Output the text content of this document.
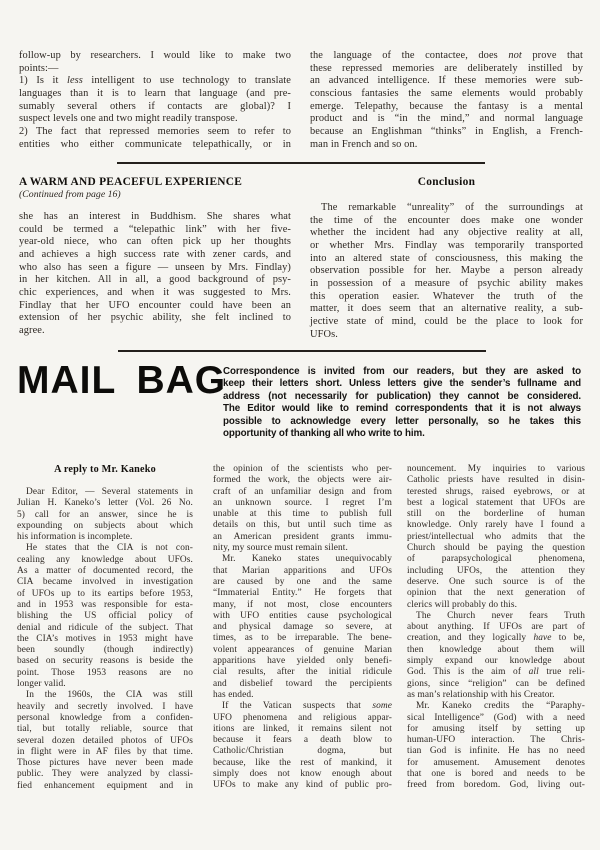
follow-up by researchers. I would like to make two
points:—
1) Is it less intelligent to use technology to translate
languages than it is to learn that language (and pre-
sumably several others if contacts are global)? I
suspect levels one and two might readily transpose.
2) The fact that repressed memories seem to refer to
entities who either communicate telepathically, or in
the language of the contactee, does not prove that
these repressed memories are deliberately instilled by
an advanced intelligence. If these memories were sub-
conscious fantasies the same elements would probably
emerge. Telepathy, because the fantasy is a mental
product and is “in the mind,” and normal language
because an Englishman “thinks” in English, a French-
man in French and so on.
A WARM AND PEACEFUL EXPERIENCE
(Continued from page 16)
she has an interest in Buddhism. She shares what
could be termed a “telepathic link” with her five-
year-old niece, who can often pick up her thoughts
and achieves a high success rate with zener cards, and
who also has seen a figure — unseen by Mrs. Findlay)
in her kitchen. All in all, a good background of psy-
chic experiences, and when it was suggested to Mrs.
Findlay that her UFO encounter could have been an
extension of her psychic ability, she felt inclined to
agree.
Conclusion
The remarkable “unreality” of the surroundings at
the time of the encounter does make one wonder
whether the incident had any objective reality at all,
or whether Mrs. Findlay was temporarily transported
into an altered state of consciousness, this making the
observation possible for her. Maybe a person already
in possession of a measure of psychic ability makes
this operation easier. Whatever the truth of the
matter, it does seem that an alternative reality, a sub-
jective state of mind, could be the place to look for
UFOs.
MAIL BAG
Correspondence is invited from our readers, but they are asked to
keep their letters short. Unless letters give the sender’s fullname and
address (not necessarily for publication) they cannot be considered.
The Editor would like to remind correspondents that it is not always
possible to acknowledge every letter personally, so he takes this
opportunity of thanking all who write to him.
A reply to Mr. Kaneko
Dear Editor, — Several statements in
Julian H. Kaneko’s letter (Vol. 26 No.
5) call for an answer, since he is
expounding on subjects about which
his information is incomplete.
He states that the CIA is not con-
cealing any knowledge about UFOs.
As a matter of documented record, the
CIA became involved in investigation
of UFOs up to its eartips before 1953,
and in 1953 was responsible for esta-
blishing the US official policy of
denial and ridicule of the subject. That
the CIA’s motives in 1953 might have
been soundly (though indirectly)
based on security reasons is beside the
point. Those 1953 reasons are no
longer valid.
In the 1960s, the CIA was still
heavily and secretly involved. I have
personal knowledge from a confiden-
tial, but totally reliable, source that
several dozen detailed photos of UFOs
in flight were in AF files by that time.
Those pictures have never been made
public. They were analyzed by classi-
fied enhancement equipment and in
the opinion of the scientists who per-
formed the work, the objects were air-
craft of an unfamiliar design and from
an unknown source. I regret I’m
unable at this time to publish full
details on this, but until such time as
an American president grants immu-
nity, my source must remain silent.
Mr. Kaneko states unequivocably
that Marian apparitions and UFOs
are caused by one and the same
“Immaterial Entity.” He forgets that
many, if not most, close encounters
with UFO entities cause psychological
and physical damage so severe, at
times, as to be irreparable. The bene-
volent appearances of genuine Marian
apparitions have yielded only benefi-
cial results, after the initial ridicule
and disbelief toward the percipients
has ended.
If the Vatican suspects that some
UFO phenomena and religious appar-
itions are linked, it remains silent not
because it fears a death blow to
Catholic/Christian dogma, but
because, like the rest of mankind, it
simply does not know enough about
UFOs to make any kind of public pro-
nouncement. My inquiries to various
Catholic priests have resulted in disin-
terested shrugs, raised eyebrows, or at
best a logical statement that UFOs are
still on the borderline of human
knowledge. Only rarely have I found a
priest/intellectual who admits that the
Church should be paying the question
of parapsychological phenomena,
including UFOs, the attention they
deserve. One such source is of the
opinion that the next generation of
clerics will probably do this.
The Church never fears Truth
about anything. If UFOs are part of
creation, and they logically have to be,
then knowledge about them will
simply expand our knowledge about
God. This is the aim of all true reli-
gions, since “religion” can be defined
as man’s relationship with his Creator.
Mr. Kaneko credits the “Paraphy-
sical Intelligence” (God) with a need
for amusing itself by setting up
human-UFO interaction. The Chris-
tian God is infinite. He has no need
for amusement. Amusement denotes
that one is bored and needs to be
freed from boredom. God, living out-
